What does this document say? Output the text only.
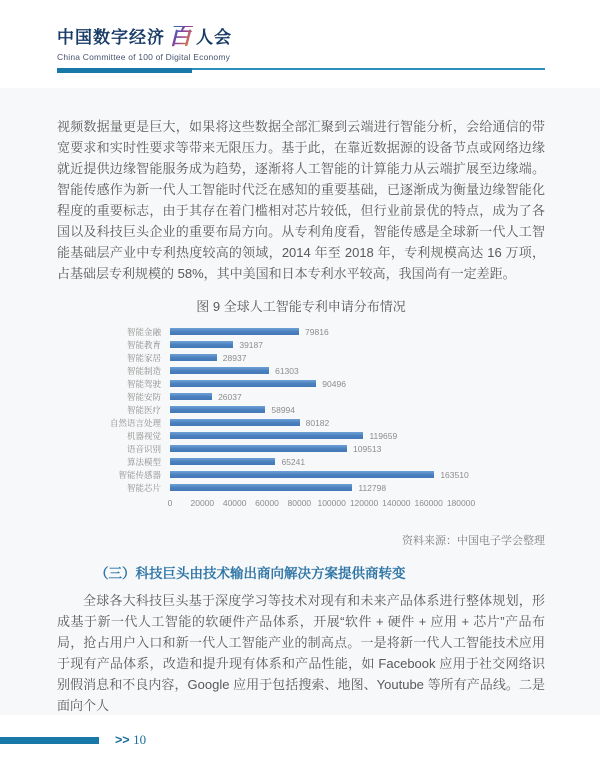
中国数字经济 百 人会
China Committee of 100 of Digital Economy

视频数据量更是巨大，如果将这些数据全部汇聚到云端进行智能分析，会给通信的带宽要求和实时性要求等带来无限压力。基于此，在靠近数据源的设备节点或网络边缘就近提供边缘智能服务成为趋势，逐渐将人工智能的计算能力从云端扩展至边缘端。智能传感作为新一代人工智能时代泛在感知的重要基础，已逐渐成为衡量边缘智能化程度的重要标志，由于其存在着门槛相对芯片较低，但行业前景优的特点，成为了各国以及科技巨头企业的重要布局方向。从专利角度看，智能传感是全球新一代人工智能基础层产业中专利热度较高的领域，2014 年至 2018 年，专利规模高达 16 万项，占基础层专利规模的 58%，其中美国和日本专利水平较高，我国尚有一定差距。

图 9 全球人工智能专利申请分布情况
智能金融	79816
智能教育	39187
智能家居	28937
智能制造	61303
智能驾驶	90496
智能安防	26037
智能医疗	58994
自然语言处理	80182
机器视觉	119659
语音识别	109513
算法模型	65241
智能传感器	163510
智能芯片	112798
0 20000 40000 60000 80000 100000 120000 140000 160000 180000
资料来源：中国电子学会整理
（三）科技巨头由技术输出商向解决方案提供商转变

全球各大科技巨头基于深度学习等技术对现有和未来产品体系进行整体规划，形成基于新一代人工智能的软硬件产品体系，开展“软件 + 硬件 + 应用 + 芯片”产品布局，抢占用户入口和新一代人工智能产业的制高点。一是将新一代人工智能技术应用于现有产品体系，改造和提升现有体系和产品性能，如 Facebook 应用于社交网络识别假消息和不良内容，Google 应用于包括搜索、地图、Youtube 等所有产品线。二是面向个人

>> 10
